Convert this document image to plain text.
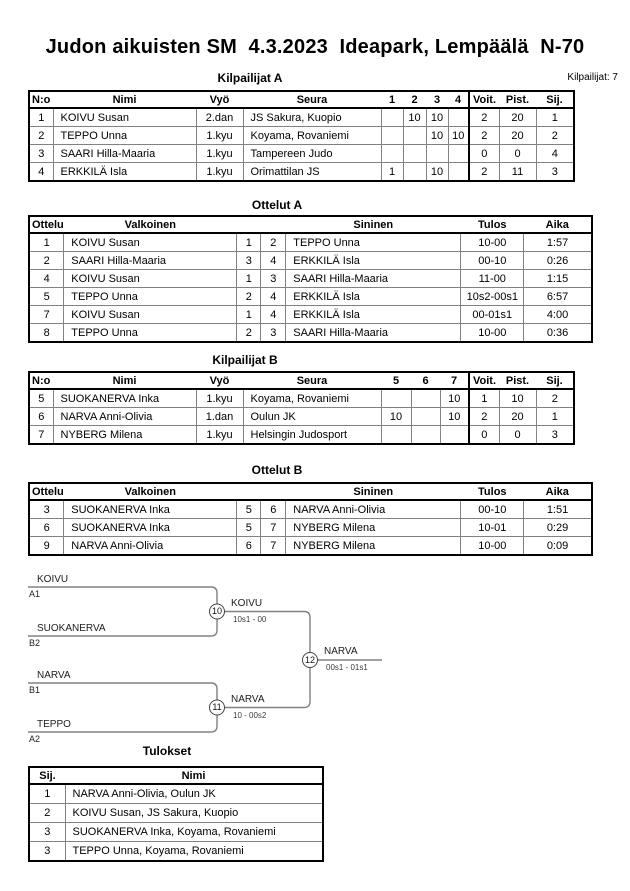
Judon aikuisten SM  4.3.2023  Ideapark, Lempäälä  N-70
Kilpailijat A	Kilpailijat: 7
N:o	Nimi	Vyö	Seura	1	2	3	4	Voit.	Pist.	Sij.
1	KOIVU Susan	2.dan	JS Sakura, Kuopio		10	10		2	20	1
2	TEPPO Unna	1.kyu	Koyama, Rovaniemi			10	10	2	20	2
3	SAARI Hilla-Maaria	1.kyu	Tampereen Judo					0	0	4
4	ERKKILÄ Isla	1.kyu	Orimattilan JS	1		10		2	11	3
Ottelut A
Ottelu	Valkoinen			Sininen	Tulos	Aika
1	KOIVU Susan	1	2	TEPPO Unna	10-00	1:57
2	SAARI Hilla-Maaria	3	4	ERKKILÄ Isla	00-10	0:26
4	KOIVU Susan	1	3	SAARI Hilla-Maaria	11-00	1:15
5	TEPPO Unna	2	4	ERKKILÄ Isla	10s2-00s1	6:57
7	KOIVU Susan	1	4	ERKKILÄ Isla	00-01s1	4:00
8	TEPPO Unna	2	3	SAARI Hilla-Maaria	10-00	0:36
Kilpailijat B
N:o	Nimi	Vyö	Seura	5	6	7	Voit.	Pist.	Sij.
5	SUOKANERVA Inka	1.kyu	Koyama, Rovaniemi			10	1	10	2
6	NARVA Anni-Olivia	1.dan	Oulun JK	10		10	2	20	1
7	NYBERG Milena	1.kyu	Helsingin Judosport				0	0	3
Ottelut B
Ottelu	Valkoinen			Sininen	Tulos	Aika
3	SUOKANERVA Inka	5	6	NARVA Anni-Olivia	00-10	1:51
6	SUOKANERVA Inka	5	7	NYBERG Milena	10-01	0:29
9	NARVA Anni-Olivia	6	7	NYBERG Milena	10-00	0:09
10
11
12
KOIVU
A1
SUOKANERVA
B2
NARVA
B1
TEPPO
A2
KOIVU
10s1 - 00
NARVA
10 - 00s2
NARVA
00s1 - 01s1
Tulokset
Sij.	Nimi
1	NARVA Anni-Olivia, Oulun JK
2	KOIVU Susan, JS Sakura, Kuopio
3	SUOKANERVA Inka, Koyama, Rovaniemi
3	TEPPO Unna, Koyama, Rovaniemi
